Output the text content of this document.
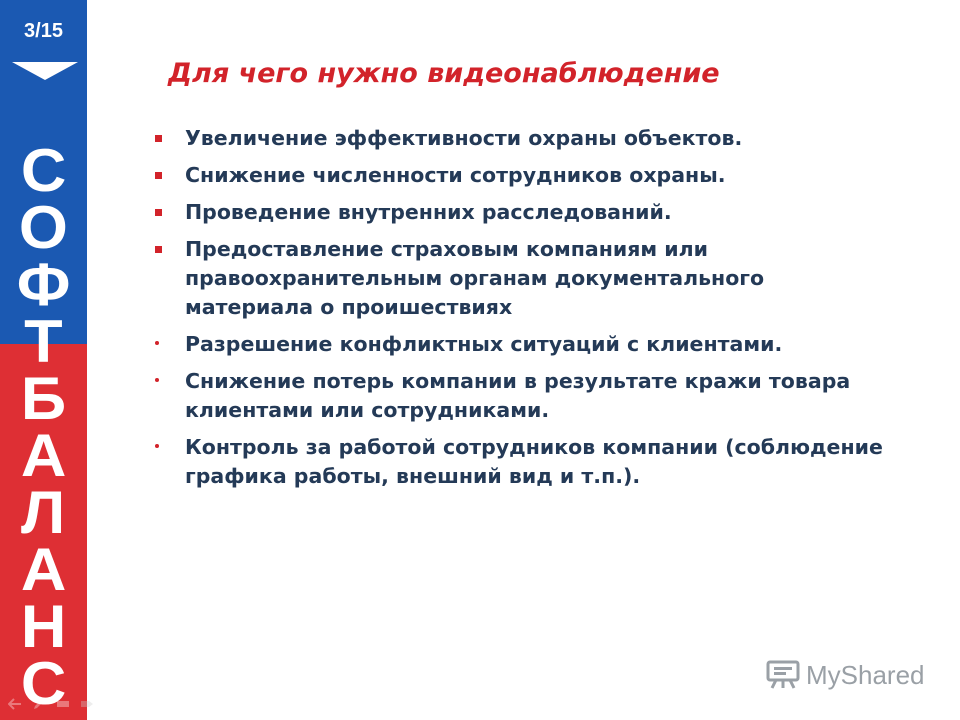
3/15
С
О
Ф
Т
Б
А
Л
А
Н
С
Для чего нужно видеонаблюдение
Увеличение эффективности охраны объектов.
Снижение численности сотрудников охраны.
Проведение внутренних расследований.
Предоставление страховым компаниям или правоохранительным органам документального материала о проишествиях
Разрешение конфликтных ситуаций с клиентами.
Снижение потерь компании в результате кражи товара клиентами или сотрудниками.
Контроль за работой сотрудников компании (соблюдение графика работы, внешний вид и т.п.).
MyShared
